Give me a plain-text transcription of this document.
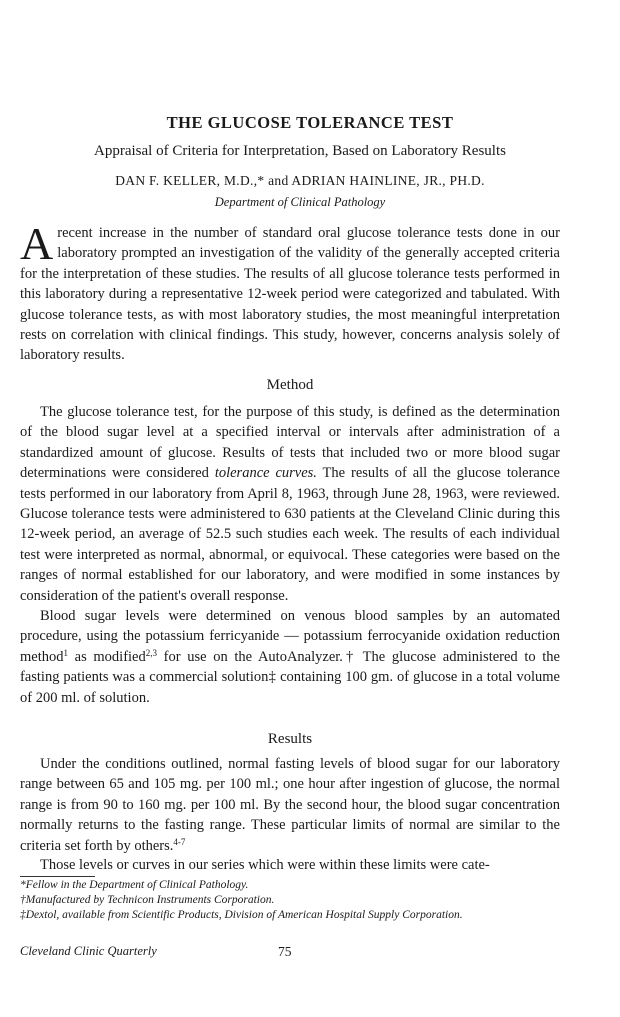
THE GLUCOSE TOLERANCE TEST
Appraisal of Criteria for Interpretation, Based on Laboratory Results
DAN F. KELLER, M.D.,* and ADRIAN HAINLINE, JR., PH.D.
Department of Clinical Pathology
Arecent increase in the number of standard oral glucose tolerance tests done in our laboratory prompted an investigation of the validity of the generally accepted criteria for the interpretation of these studies. The results of all glucose tolerance tests performed in this laboratory during a representative 12-week period were categorized and tabulated. With glucose tolerance tests, as with most laboratory studies, the most meaningful interpretation rests on correlation with clinical findings. This study, however, concerns analysis solely of laboratory results.
Method
The glucose tolerance test, for the purpose of this study, is defined as the determination of the blood sugar level at a specified interval or intervals after administration of a standardized amount of glucose. Results of tests that included two or more blood sugar determinations were considered tolerance curves. The results of all the glucose tolerance tests performed in our laboratory from April 8, 1963, through June 28, 1963, were reviewed. Glucose tolerance tests were administered to 630 patients at the Cleveland Clinic during this 12-week period, an average of 52.5 such studies each week. The results of each individual test were interpreted as normal, abnormal, or equivocal. These categories were based on the ranges of normal established for our laboratory, and were modified in some instances by consideration of the patient's overall response.
Blood sugar levels were determined on venous blood samples by an automated procedure, using the potassium ferricyanide — potassium ferrocyanide oxidation reduction method$^1$ as modified$^{2,3}$ for use on the AutoAnalyzer.† The glucose administered to the fasting patients was a commercial solution‡ containing 100 gm. of glucose in a total volume of 200 ml. of solution.
Results
Under the conditions outlined, normal fasting levels of blood sugar for our laboratory range between 65 and 105 mg. per 100 ml.; one hour after ingestion of glucose, the normal range is from 90 to 160 mg. per 100 ml. By the second hour, the blood sugar concentration normally returns to the fasting range. These particular limits of normal are similar to the criteria set forth by others.$^{4-7}$
Those levels or curves in our series which were within these limits were cate-
*Fellow in the Department of Clinical Pathology.
†Manufactured by Technicon Instruments Corporation.
‡Dextol, available from Scientific Products, Division of American Hospital Supply Corporation.
Cleveland Clinic Quarterly	75
